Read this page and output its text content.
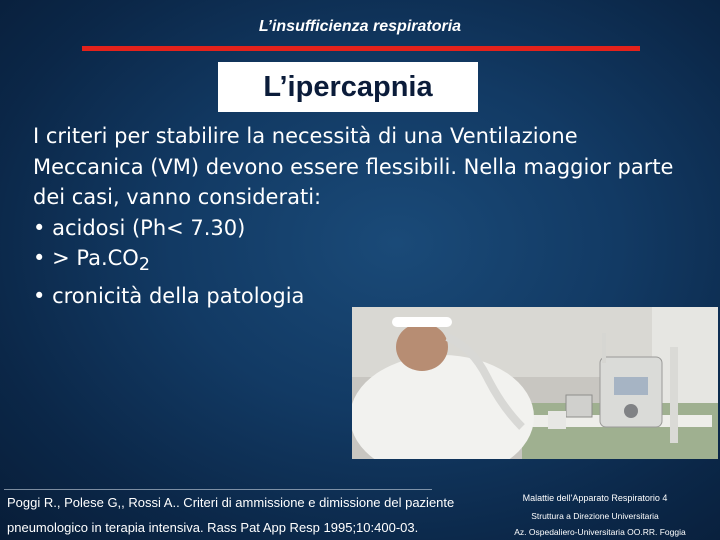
L’insufficienza respiratoria
L’ipercapnia

I criteri per stabilire la necessità di una Ventilazione Meccanica (VM) devono essere flessibili. Nella maggior parte dei casi, vanno considerati:

• acidosi (Ph< 7.30)
• > $Pa.CO_2$
• cronicità della patologia
Poggi R., Polese G,, Rossi A.. Criteri di ammissione e dimissione del paziente
pneumologico in terapia intensiva. Rass Pat App Resp 1995;10:400-03.
Malattie dell'Apparato Respiratorio 4
Struttura a Direzione Universitaria
Az. Ospedaliero-Universitaria OO.RR. Foggia
